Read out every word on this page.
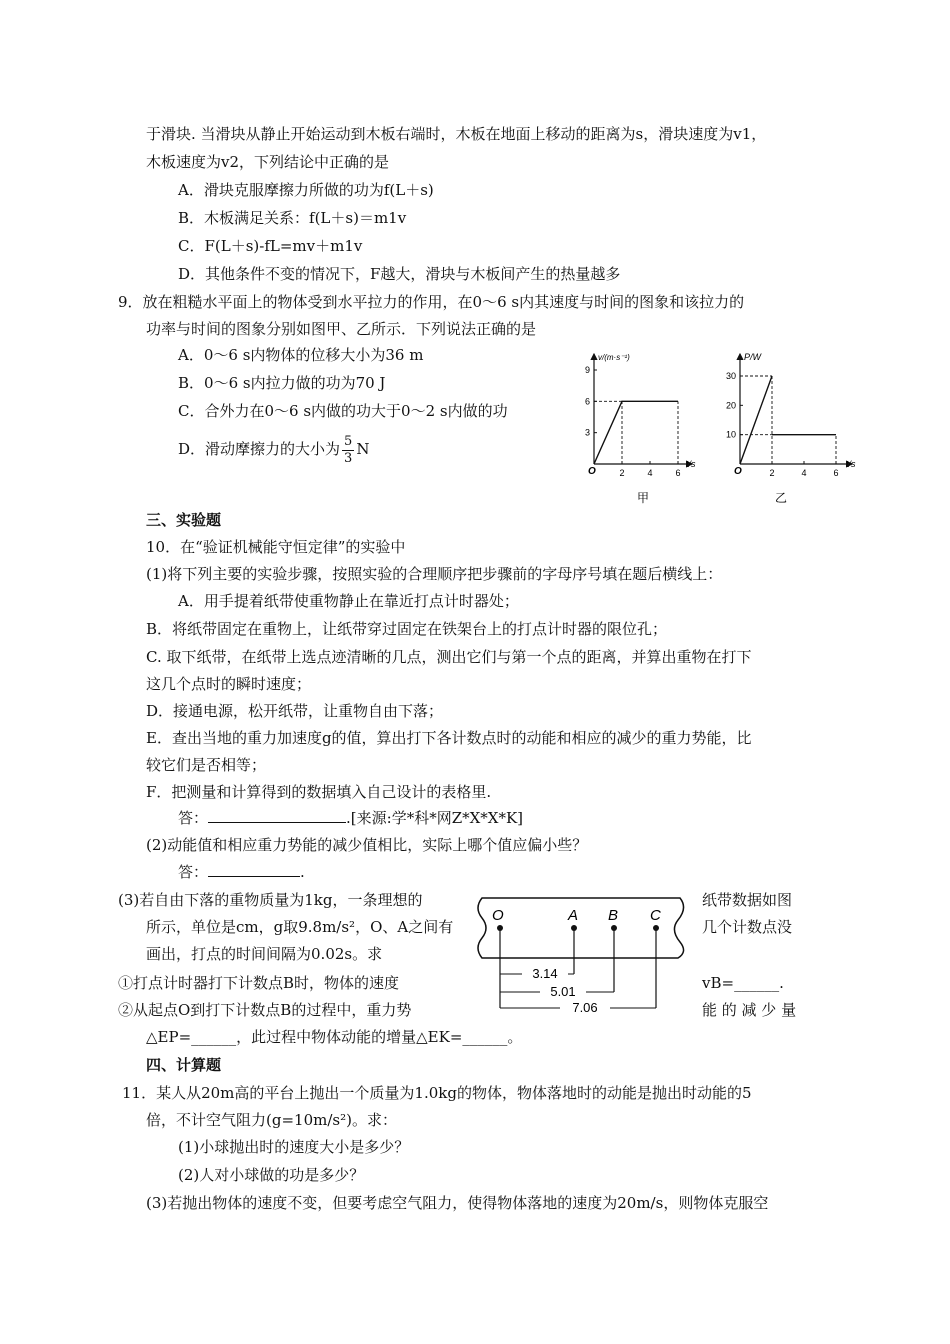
于滑块. 当滑块从静止开始运动到木板右端时，木板在地面上移动的距离为s，滑块速度为v1，
木板速度为v2，下列结论中正确的是
A．滑块克服摩擦力所做的功为f(L＋s)
B．木板满足关系：f(L＋s)＝m1v
C．F(L＋s)-fL=mv＋m1v
D．其他条件不变的情况下，F越大，滑块与木板间产生的热量越多
9．放在粗糙水平面上的物体受到水平拉力的作用，在0～6 s内其速度与时间的图象和该拉力的
功率与时间的图象分别如图甲、乙所示．下列说法正确的是
A．0～6 s内物体的位移大小为36 m
B．0～6 s内拉力做的功为70 J
C．合外力在0～6 s内做的功大于0～2 s内做的功
D．滑动摩擦力的大小为 $\frac{5}{3}$ N
v/(m·s⁻¹)
t/s
O	2	4	6
3
6
9
甲
P/W
t/s
O	2	4	6
10
20
30
乙
三、实验题
10．在“验证机械能守恒定律”的实验中
(1)将下列主要的实验步骤，按照实验的合理顺序把步骤前的字母序号填在题后横线上：
A．用手提着纸带使重物静止在靠近打点计时器处；
B．将纸带固定在重物上，让纸带穿过固定在铁架台上的打点计时器的限位孔；
C. 取下纸带，在纸带上选点迹清晰的几点，测出它们与第一个点的距离，并算出重物在打下
这几个点时的瞬时速度；
D．接通电源，松开纸带，让重物自由下落；
E．查出当地的重力加速度g的值，算出打下各计数点时的动能和相应的减少的重力势能，比
较它们是否相等；
F．把测量和计算得到的数据填入自己设计的表格里.
答：	.[来源:学*科*网Z*X*X*K]
(2)动能值和相应重力势能的减少值相比，实际上哪个值应偏小些？
答：	.
(3)若自由下落的重物质量为1kg，一条理想的	纸带数据如图
所示，单位是cm，g取9.8m/s²，O、A之间有	几个计数点没
画出，打点的时间间隔为0.02s。求
①打点计时器打下计数点B时，物体的速度	vB=______.
②从起点O到打下计数点B的过程中，重力势	能 的 减 少 量
△EP=______，此过程中物体动能的增量△EK=______。
O	A B C
3.14
5.01
7.06
四、计算题
11．某人从20m高的平台上抛出一个质量为1.0kg的物体，物体落地时的动能是抛出时动能的5
倍，不计空气阻力(g=10m/s²)。求：
(1)小球抛出时的速度大小是多少？
(2)人对小球做的功是多少？
(3)若抛出物体的速度不变，但要考虑空气阻力，使得物体落地的速度为20m/s，则物体克服空
